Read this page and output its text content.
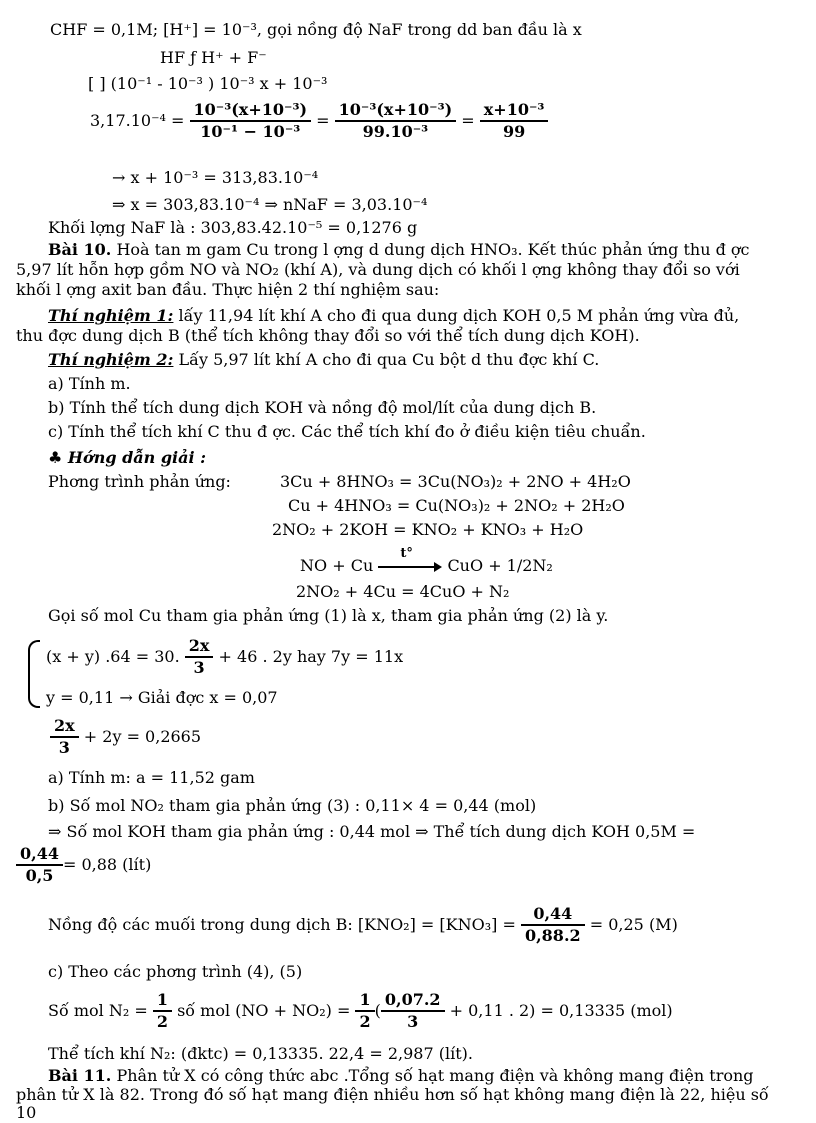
CHF = 0,1M; [H⁺] = 10⁻³, gọi nồng độ NaF trong dd ban đầu là x
HF ƒ H⁺ + F⁻
[ ] (10⁻¹ - 10⁻³ ) 10⁻³ x + 10⁻³
$3,17.10^{-4} = \frac{\text{10⁻³(x+10⁻³)}}{\text{10⁻¹ − 10⁻³}} = \frac{\text{10⁻³(x+10⁻³)}}{\text{99.10⁻³}} = \frac{\text{x+10⁻³}}{99}$
→ x + 10⁻³ = 313,83.10⁻⁴
⇒ x = 303,83.10⁻⁴ ⇒ nNaF = 3,03.10⁻⁴
Khối lợng NaF là : 303,83.42.10⁻⁵ = 0,1276 g
Bài 10. Hoà tan m gam Cu trong l ợng d dung dịch HNO₃. Kết thúc phản ứng thu đ ợc
5,97 lít hỗn hợp gồm NO và NO₂ (khí A), và dung dịch có khối l ợng không thay đổi so với
khối l ợng axit ban đầu. Thực hiện 2 thí nghiệm sau:
Thí nghiệm 1: lấy 11,94 lít khí A cho đi qua dung dịch KOH 0,5 M phản ứng vừa đủ,
thu đợc dung dịch B (thể tích không thay đổi so với thể tích dung dịch KOH).
Thí nghiệm 2: Lấy 5,97 lít khí A cho đi qua Cu bột d thu đợc khí C.
a) Tính m.
b) Tính thể tích dung dịch KOH và nồng độ mol/lít của dung dịch B.
c) Tính thể tích khí C thu đ ợc. Các thể tích khí đo ở điều kiện tiêu chuẩn.
♣ Hớng dẫn giải :
Phơng trình phản ứng:	3Cu + 8HNO₃ = 3Cu(NO₃)₂ + 2NO + 4H₂O
Cu + 4HNO₃ = Cu(NO₃)₂ + 2NO₂ + 2H₂O
2NO₂ + 2KOH = KNO₂ + KNO₃ + H₂O
NO + Cu
t°
CuO + 1/2N₂
2NO₂ + 4Cu = 4CuO + N₂
Gọi số mol Cu tham gia phản ứng (1) là x, tham gia phản ứng (2) là y.
(x + y) .64 = 30. $\frac{2x}{3} + 46$ . 2y hay 7y = 11x
y = 0,11 → Giải đợc x = 0,07
$\frac{2x}{3} + 2y = 0,2665$
a) Tính m: a = 11,52 gam
b) Số mol NO₂ tham gia phản ứng (3) : 0,11× 4 = 0,44 (mol)
⇒ Số mol KOH tham gia phản ứng : 0,44 mol ⇒ Thể tích dung dịch KOH 0,5M =
$\frac{0,44}{0,5} = 0,88$ (lít)
Nồng độ các muối trong dung dịch B: $[KNO_2] = [KNO_3] = \frac{0,44}{0,88.2} = 0,25$ (M)
c) Theo các phơng trình (4), (5)
Số mol $N_2 = \frac{1}{2}$ số mol $(NO + NO_2) = \frac{1}{2}$ ( $\frac{0,07.2}{3} + 0,11$ . 2) = 0,13335 (mol)
Thể tích khí N₂: (đktc) = 0,13335. 22,4 = 2,987 (lít).
Bài 11. Phân tử X có công thức abc .Tổng số hạt mang điện và không mang điện trong
phân tử X là 82. Trong đó số hạt mang điện nhiều hơn số hạt không mang điện là 22, hiệu số
10
